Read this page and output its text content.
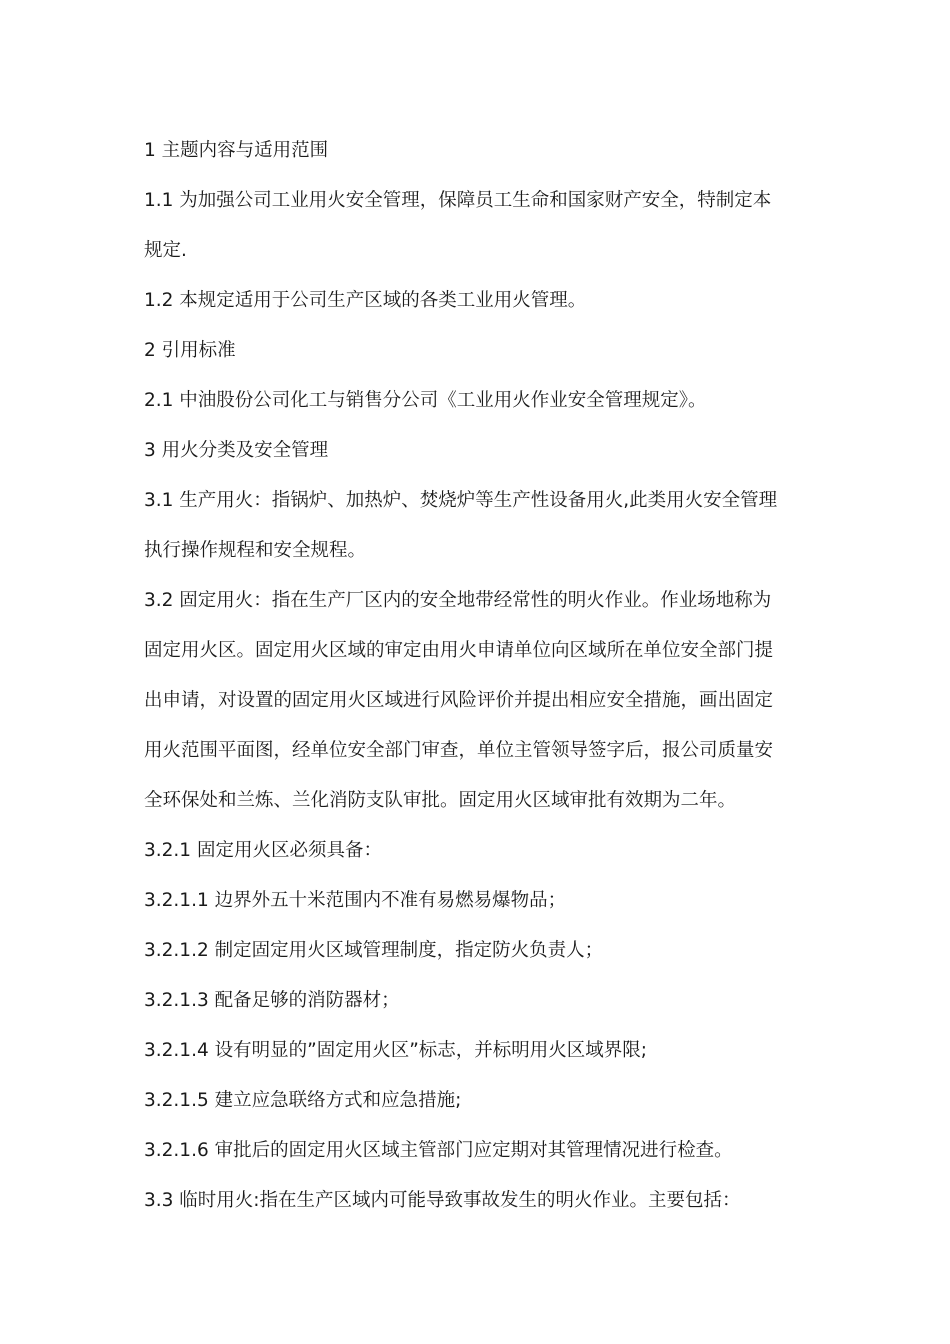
1 主题内容与适用范围
1.1 为加强公司工业用火安全管理，保障员工生命和国家财产安全，特制定本
规定.
1.2 本规定适用于公司生产区域的各类工业用火管理。
2 引用标准
2.1 中油股份公司化工与销售分公司《工业用火作业安全管理规定》。
3 用火分类及安全管理
3.1 生产用火：指锅炉、加热炉、焚烧炉等生产性设备用火,此类用火安全管理
执行操作规程和安全规程。
3.2 固定用火：指在生产厂区内的安全地带经常性的明火作业。作业场地称为
固定用火区。固定用火区域的审定由用火申请单位向区域所在单位安全部门提
出申请，对设置的固定用火区域进行风险评价并提出相应安全措施，画出固定
用火范围平面图，经单位安全部门审查，单位主管领导签字后，报公司质量安
全环保处和兰炼、兰化消防支队审批。固定用火区域审批有效期为二年。
3.2.1 固定用火区必须具备：
3.2.1.1 边界外五十米范围内不准有易燃易爆物品；
3.2.1.2 制定固定用火区域管理制度，指定防火负责人；
3.2.1.3 配备足够的消防器材；
3.2.1.4 设有明显的”固定用火区”标志，并标明用火区域界限;
3.2.1.5 建立应急联络方式和应急措施;
3.2.1.6 审批后的固定用火区域主管部门应定期对其管理情况进行检查。
3.3 临时用火:指在生产区域内可能导致事故发生的明火作业。主要包括：
